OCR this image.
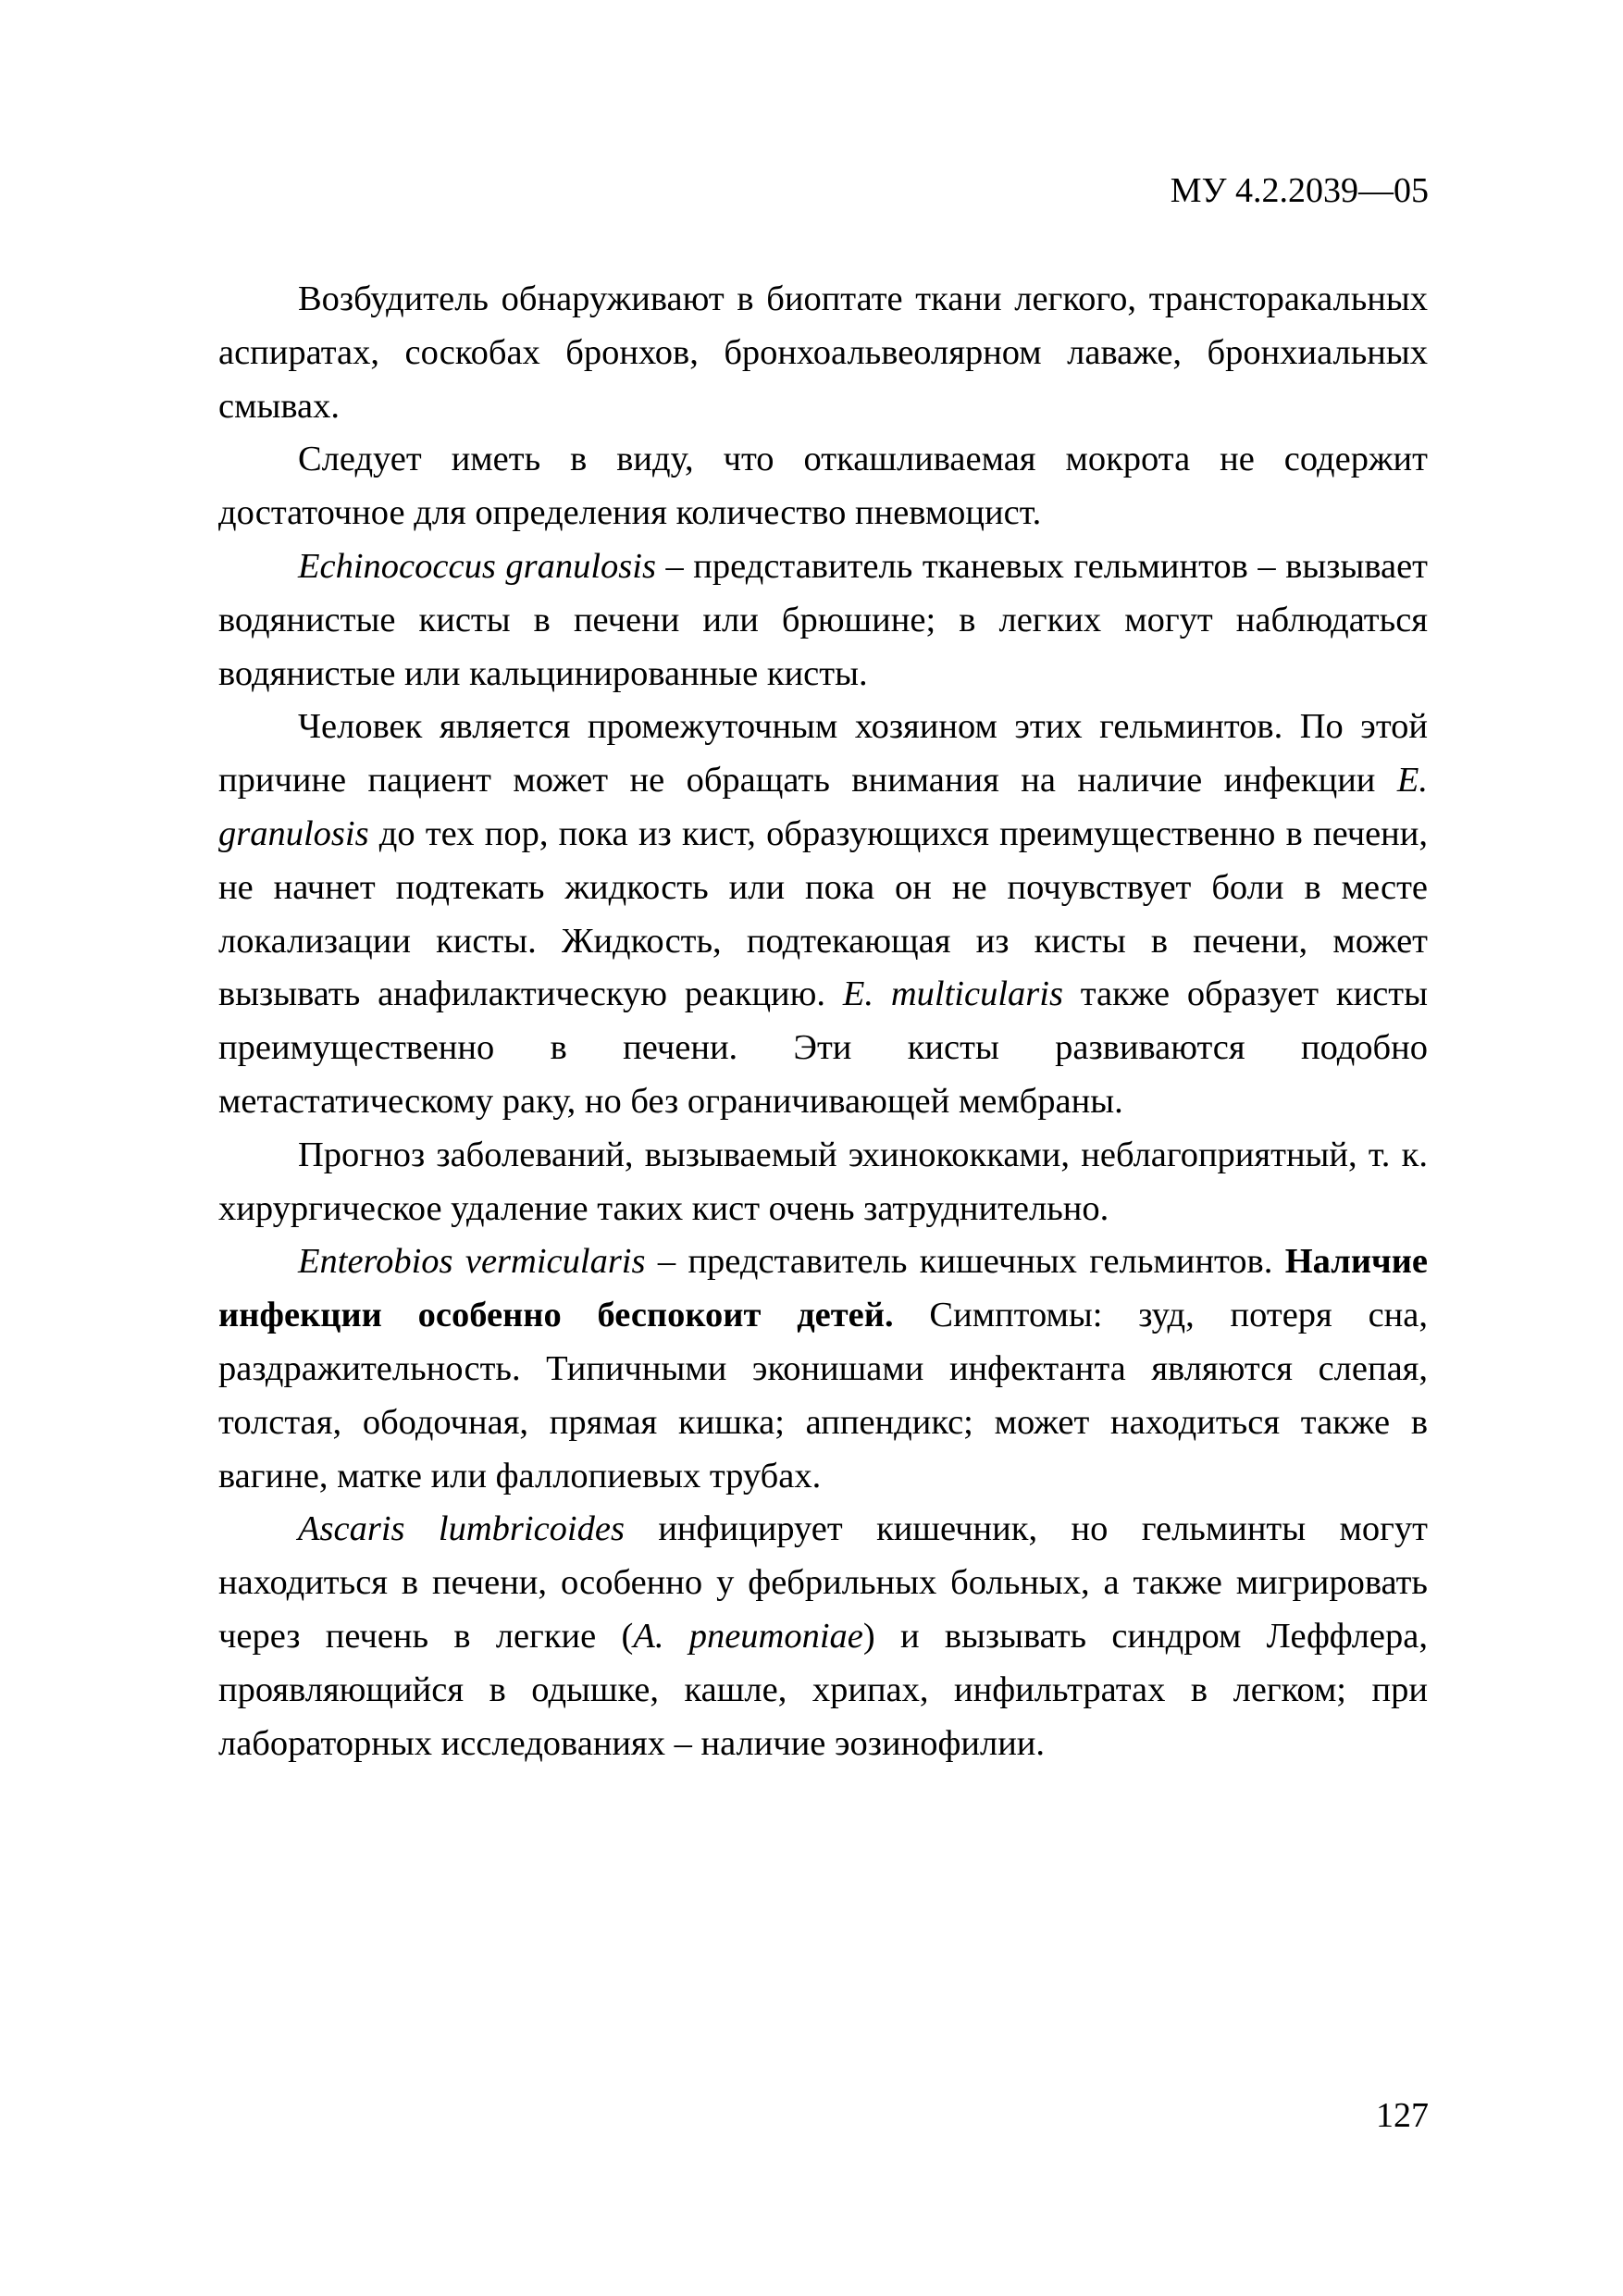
МУ 4.2.2039—05

Возбудитель обнаруживают в биоптате ткани легкого, трансторакальных аспиратах, соскобах бронхов, бронхоальвеолярном лаваже, бронхиальных смывах.

Следует иметь в виду, что откашливаемая мокрота не содержит достаточное для определения количество пневмоцист.

Echinococcus granulosis – представитель тканевых гельминтов – вызывает водянистые кисты в печени или брюшине; в легких могут наблюдаться водянистые или кальцинированные кисты.

Человек является промежуточным хозяином этих гельминтов. По этой причине пациент может не обращать внимания на наличие инфекции E. granulosis до тех пор, пока из кист, образующихся преимущественно в печени, не начнет подтекать жидкость или пока он не почувствует боли в месте локализации кисты. Жидкость, подтекающая из кисты в печени, может вызывать анафилактическую реакцию. E. multicularis также образует кисты преимущественно в печени. Эти кисты развиваются подобно метастатическому раку, но без ограничивающей мембраны.

Прогноз заболеваний, вызываемый эхинококками, неблагоприятный, т. к. хирургическое удаление таких кист очень затруднительно.

Enterobios vermicularis – представитель кишечных гельминтов. Наличие инфекции особенно беспокоит детей. Симптомы: зуд, потеря сна, раздражительность. Типичными эконишами инфектанта являются слепая, толстая, ободочная, прямая кишка; аппендикс; может находиться также в вагине, матке или фаллопиевых трубах.

Ascaris lumbricoides инфицирует кишечник, но гельминты могут находиться в печени, особенно у фебрильных больных, а также мигрировать через печень в легкие (A. pneumoniae) и вызывать синдром Леффлера, проявляющийся в одышке, кашле, хрипах, инфильтратах в легком; при лабораторных исследованиях – наличие эозинофилии.

127
